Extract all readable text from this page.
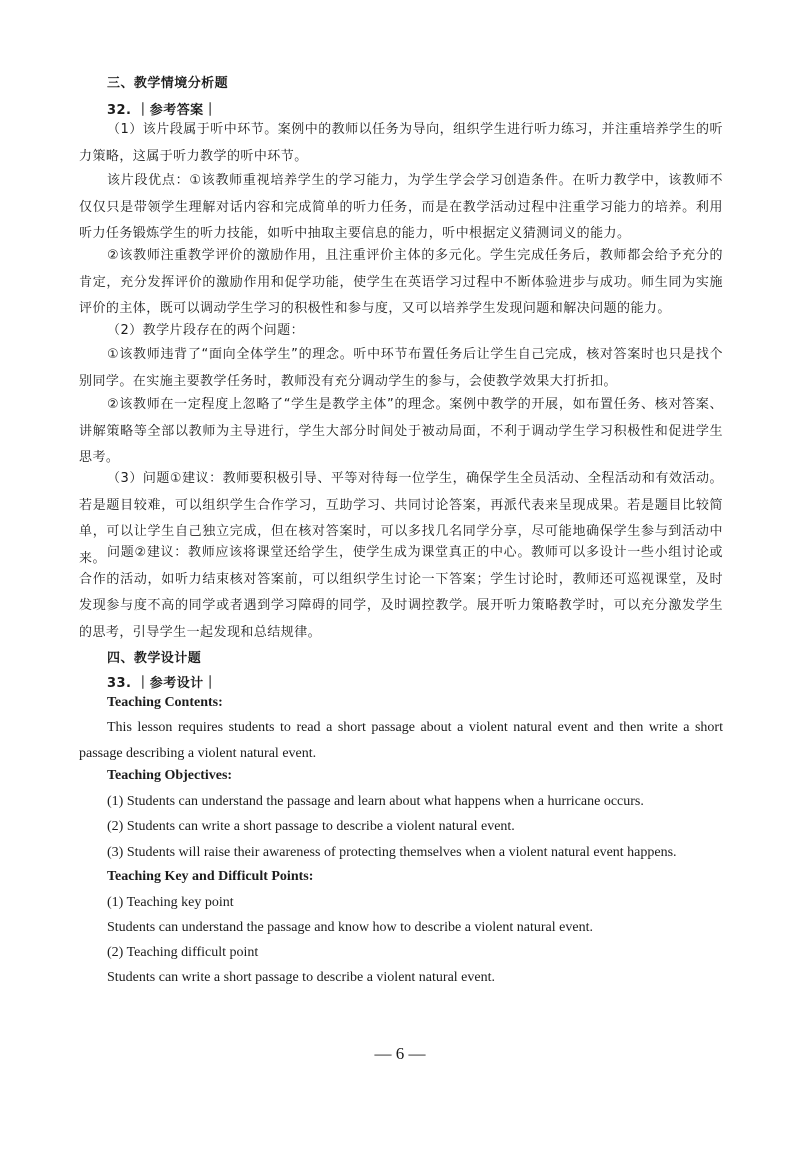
三、教学情境分析题
32. ｜参考答案｜
（1）该片段属于听中环节。案例中的教师以任务为导向，组织学生进行听力练习，并注重培养学生的听力策略，这属于听力教学的听中环节。
该片段优点：①该教师重视培养学生的学习能力，为学生学会学习创造条件。在听力教学中，该教师不仅仅只是带领学生理解对话内容和完成简单的听力任务，而是在教学活动过程中注重学习能力的培养。利用听力任务锻炼学生的听力技能，如听中抽取主要信息的能力，听中根据定义猜测词义的能力。
②该教师注重教学评价的激励作用，且注重评价主体的多元化。学生完成任务后，教师都会给予充分的肯定，充分发挥评价的激励作用和促学功能，使学生在英语学习过程中不断体验进步与成功。师生同为实施评价的主体，既可以调动学生学习的积极性和参与度，又可以培养学生发现问题和解决问题的能力。
（2）教学片段存在的两个问题：
①该教师违背了“面向全体学生”的理念。听中环节布置任务后让学生自己完成，核对答案时也只是找个别同学。在实施主要教学任务时，教师没有充分调动学生的参与，会使教学效果大打折扣。
②该教师在一定程度上忽略了“学生是教学主体”的理念。案例中教学的开展，如布置任务、核对答案、讲解策略等全部以教师为主导进行，学生大部分时间处于被动局面，不利于调动学生学习积极性和促进学生思考。
（3）问题①建议：教师要积极引导、平等对待每一位学生，确保学生全员活动、全程活动和有效活动。若是题目较难，可以组织学生合作学习，互助学习、共同讨论答案，再派代表来呈现成果。若是题目比较简单，可以让学生自己独立完成，但在核对答案时，可以多找几名同学分享，尽可能地确保学生参与到活动中来。 问题②建议：教师应该将课堂还给学生，使学生成为课堂真正的中心。教师可以多设计一些小组讨论或合作的活动，如听力结束核对答案前，可以组织学生讨论一下答案；学生讨论时，教师还可巡视课堂，及时发现参与度不高的同学或者遇到学习障碍的同学，及时调控教学。展开听力策略教学时，可以充分激发学生的思考，引导学生一起发现和总结规律。
四、教学设计题
33. ｜参考设计｜
Teaching Contents:
This lesson requires students to read a short passage about a violent natural event and then write a short passage describing a violent natural event.
Teaching Objectives:
(1) Students can understand the passage and learn about what happens when a hurricane occurs.
(2) Students can write a short passage to describe a violent natural event.
(3) Students will raise their awareness of protecting themselves when a violent natural event happens.
Teaching Key and Difficult Points:
(1) Teaching key point
Students can understand the passage and know how to describe a violent natural event.
(2) Teaching difficult point
Students can write a short passage to describe a violent natural event.
— 6 —
